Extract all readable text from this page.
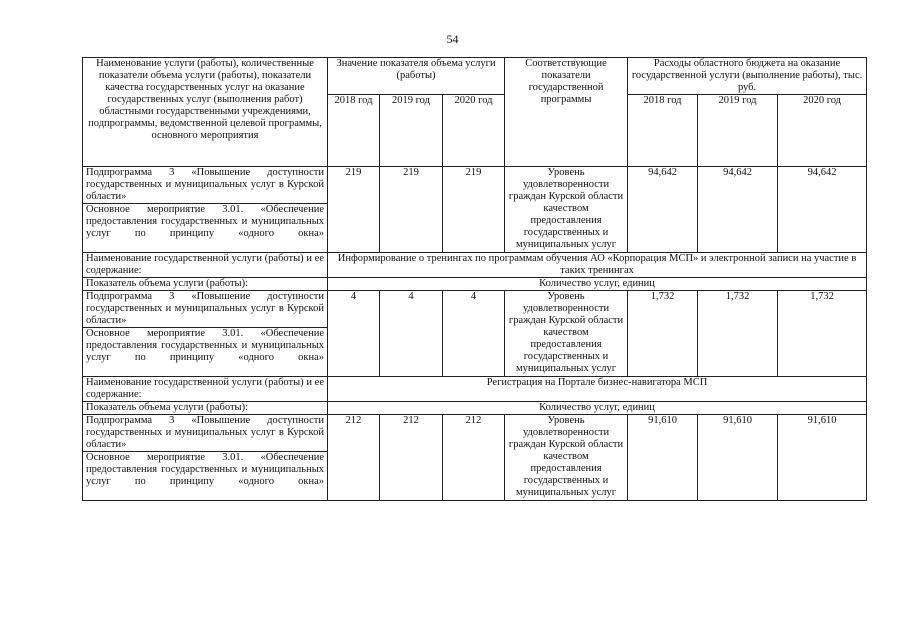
54
Наименование услуги (работы), количественные показатели объема услуги (работы), показатели качества государственных услуг на оказание государственных услуг (выполнения работ) областными государственными учреждениями, подпрограммы, ведомственной целевой программы, основного мероприятия	Значение показателя объема услуги (работы)			Соответствующие показатели государственной программы	Расходы областного бюджета на оказание государственной услуги (выполнение работы), тыс. руб.		
	2018 год	2019 год	2020 год		2018 год	2019 год	2020 год

Подпрограмма 3 «Повышение доступности государственных и муниципальных услуг в Курской области»	219	219	219	Уровень удовлетворенности граждан Курской области качеством предоставления государственных и муниципальных услуг	94,642	94,642	94,642

Основное мероприятие 3.01. «Обеспечение предоставления государственных и муниципальных услуг по принципу «одного окна»							

Наименование государственной услуги (работы) и ее содержание:	Информирование о тренингах по программам обучения АО «Корпорация МСП» и электронной записи на участие в таких тренингах						
Показатель объема услуги (работы):	Количество услуг, единиц						

Подпрограмма 3 «Повышение доступности государственных и муниципальных услуг в Курской области»	4	4	4	Уровень удовлетворенности граждан Курской области качеством предоставления государственных и муниципальных услуг	1,732	1,732	1,732

Основное мероприятие 3.01. «Обеспечение предоставления государственных и муниципальных услуг по принципу «одного окна»							

Наименование государственной услуги (работы) и ее содержание:	Регистрация на Портале бизнес-навигатора МСП						
Показатель объема услуги (работы):	Количество услуг, единиц						

Подпрограмма 3 «Повышение доступности государственных и муниципальных услуг в Курской области»	212	212	212	Уровень удовлетворенности граждан Курской области качеством предоставления государственных и муниципальных услуг	91,610	91,610	91,610

Основное мероприятие 3.01. «Обеспечение предоставления государственных и муниципальных услуг по принципу «одного окна»							
